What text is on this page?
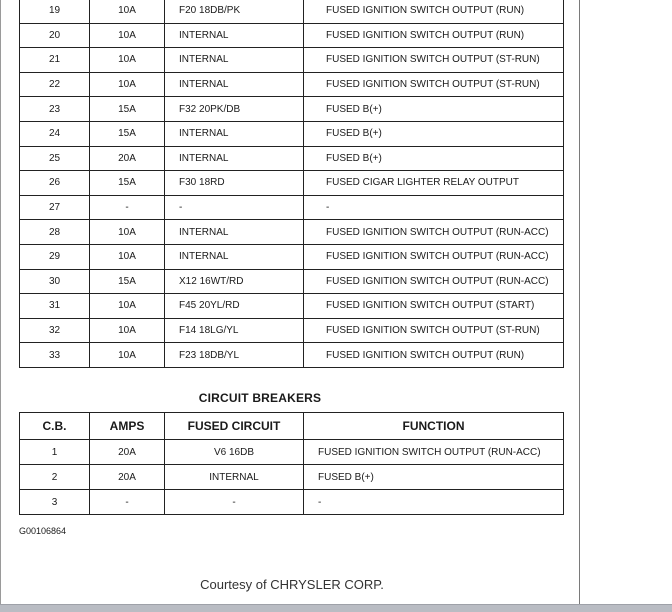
19	10A	F20 18DB/PK	FUSED IGNITION SWITCH OUTPUT (RUN)
20	10A	INTERNAL	FUSED IGNITION SWITCH OUTPUT (RUN)
21	10A	INTERNAL	FUSED IGNITION SWITCH OUTPUT (ST-RUN)
22	10A	INTERNAL	FUSED IGNITION SWITCH OUTPUT (ST-RUN)
23	15A	F32 20PK/DB	FUSED B(+)
24	15A	INTERNAL	FUSED B(+)
25	20A	INTERNAL	FUSED B(+)
26	15A	F30 18RD	FUSED CIGAR LIGHTER RELAY OUTPUT
27	-	-	-
28	10A	INTERNAL	FUSED IGNITION SWITCH OUTPUT (RUN-ACC)
29	10A	INTERNAL	FUSED IGNITION SWITCH OUTPUT (RUN-ACC)
30	15A	X12 16WT/RD	FUSED IGNITION SWITCH OUTPUT (RUN-ACC)
31	10A	F45 20YL/RD	FUSED IGNITION SWITCH OUTPUT (START)
32	10A	F14 18LG/YL	FUSED IGNITION SWITCH OUTPUT (ST-RUN)
33	10A	F23 18DB/YL	FUSED IGNITION SWITCH OUTPUT (RUN)
CIRCUIT BREAKERS
C.B.	AMPS	FUSED CIRCUIT	FUNCTION
1	20A	V6 16DB	FUSED IGNITION SWITCH OUTPUT (RUN-ACC)
2	20A	INTERNAL	FUSED B(+)
3	-	-	-
G00106864
Courtesy of CHRYSLER CORP.
